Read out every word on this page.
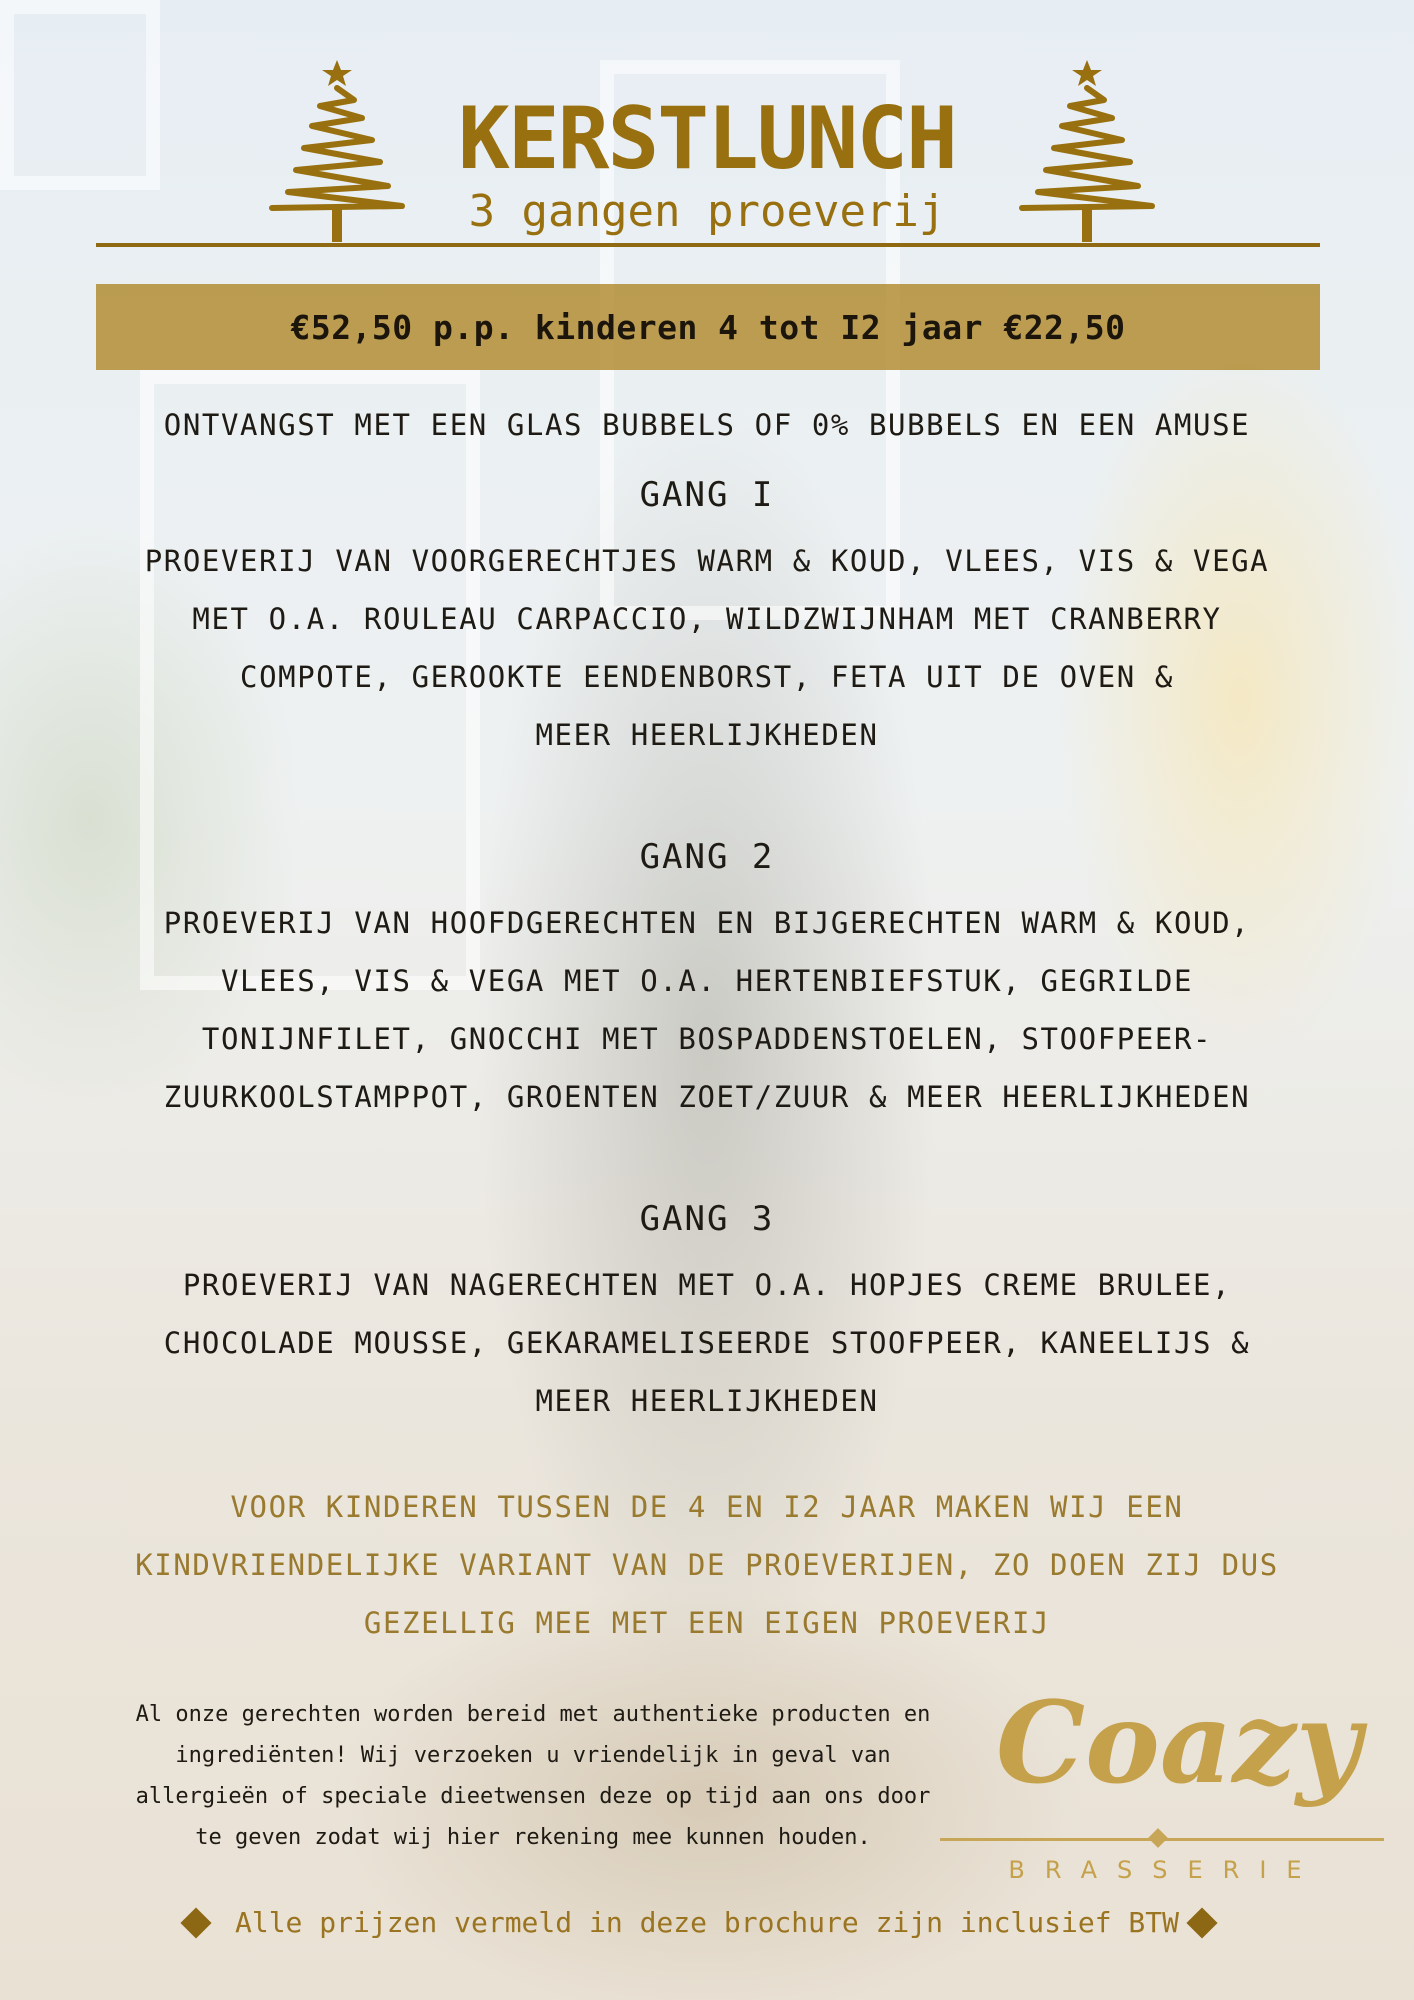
KERSTLUNCH
3 gangen proeverij
€52,50 p.p. kinderen 4 tot I2 jaar €22,50
ONTVANGST MET EEN GLAS BUBBELS OF 0% BUBBELS EN EEN AMUSE
GANG I
PROEVERIJ VAN VOORGERECHTJES WARM & KOUD, VLEES, VIS & VEGA
MET O.A. ROULEAU CARPACCIO, WILDZWIJNHAM MET CRANBERRY
COMPOTE, GEROOKTE EENDENBORST, FETA UIT DE OVEN &
MEER HEERLIJKHEDEN
GANG 2
PROEVERIJ VAN HOOFDGERECHTEN EN BIJGERECHTEN WARM & KOUD,
VLEES, VIS & VEGA MET O.A. HERTENBIEFSTUK, GEGRILDE
TONIJNFILET, GNOCCHI MET BOSPADDENSTOELEN, STOOFPEER-
ZUURKOOLSTAMPPOT, GROENTEN ZOET/ZUUR & MEER HEERLIJKHEDEN
GANG 3
PROEVERIJ VAN NAGERECHTEN MET O.A. HOPJES CREME BRULEE,
CHOCOLADE MOUSSE, GEKARAMELISEERDE STOOFPEER, KANEELIJS &
MEER HEERLIJKHEDEN
VOOR KINDEREN TUSSEN DE 4 EN I2 JAAR MAKEN WIJ EEN
KINDVRIENDELIJKE VARIANT VAN DE PROEVERIJEN, ZO DOEN ZIJ DUS
GEZELLIG MEE MET EEN EIGEN PROEVERIJ
Al onze gerechten worden bereid met authentieke producten en
ingrediënten! Wij verzoeken u vriendelijk in geval van
allergieën of speciale dieetwensen deze op tijd aan ons door
te geven zodat wij hier rekening mee kunnen houden.
Coazy
BRASSERIE
Alle prijzen vermeld in deze brochure zijn inclusief BTW
